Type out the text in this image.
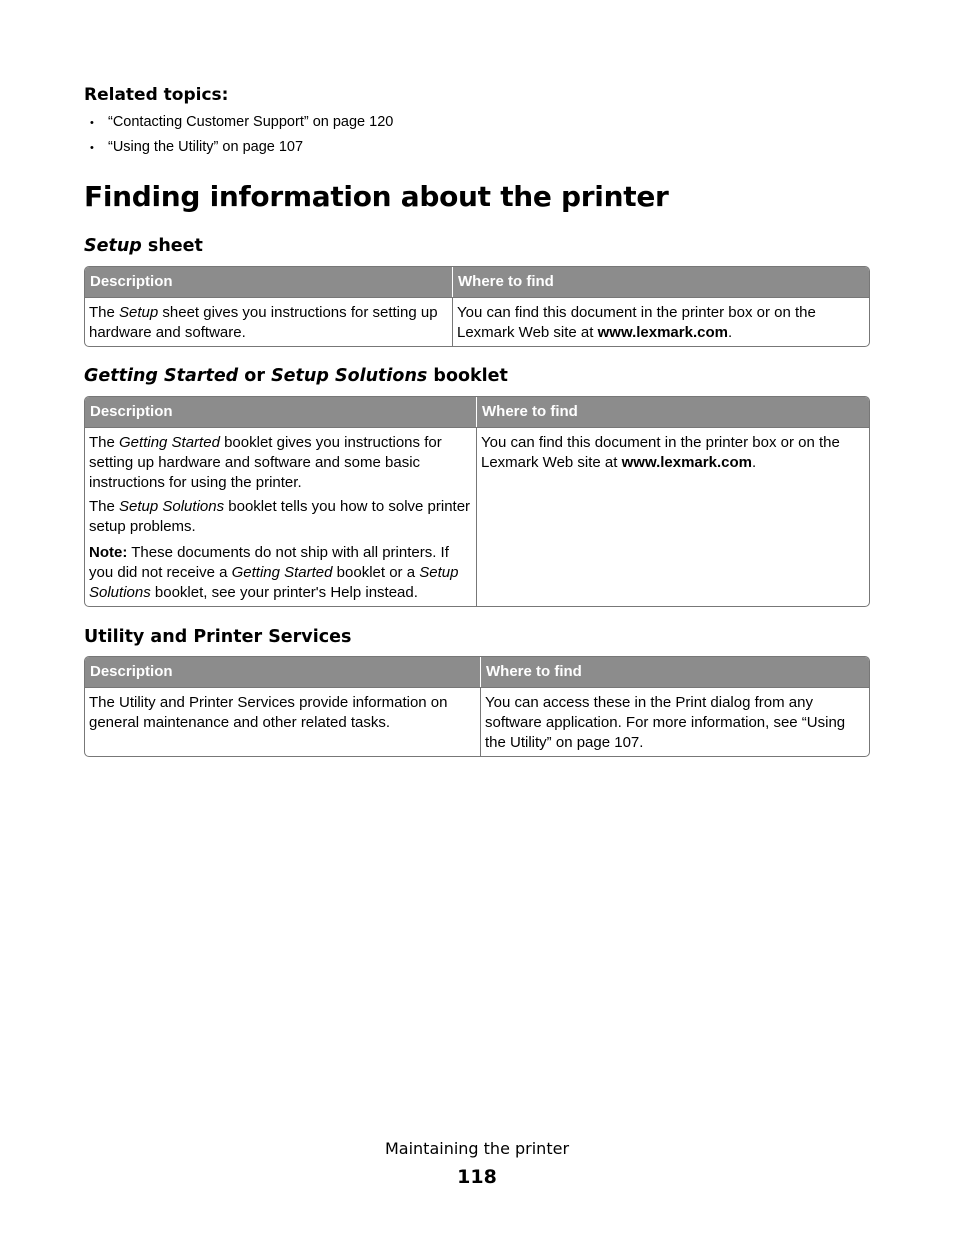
Related topics:
• “Contacting Customer Support” on page 120
• “Using the Utility” on page 107
Finding information about the printer
Setup sheet
Description	Where to find
The Setup sheet gives you instructions for setting up hardware and software.	You can find this document in the printer box or on the Lexmark Web site at www.lexmark.com.
Getting Started or Setup Solutions booklet
Description	Where to find

The Getting Started booklet gives you instructions for setting up hardware and software and some basic instructions for using the printer.

The Setup Solutions booklet tells you how to solve printer setup problems.

Note: These documents do not ship with all printers. If you did not receive a Getting Started booklet or a Setup Solutions booklet, see your printer's Help instead.	You can find this document in the printer box or on the Lexmark Web site at www.lexmark.com.
Utility and Printer Services
Description	Where to find
The Utility and Printer Services provide information on general maintenance and other related tasks.	You can access these in the Print dialog from any software application. For more information, see “Using the Utility” on page 107.
Maintaining the printer
118
